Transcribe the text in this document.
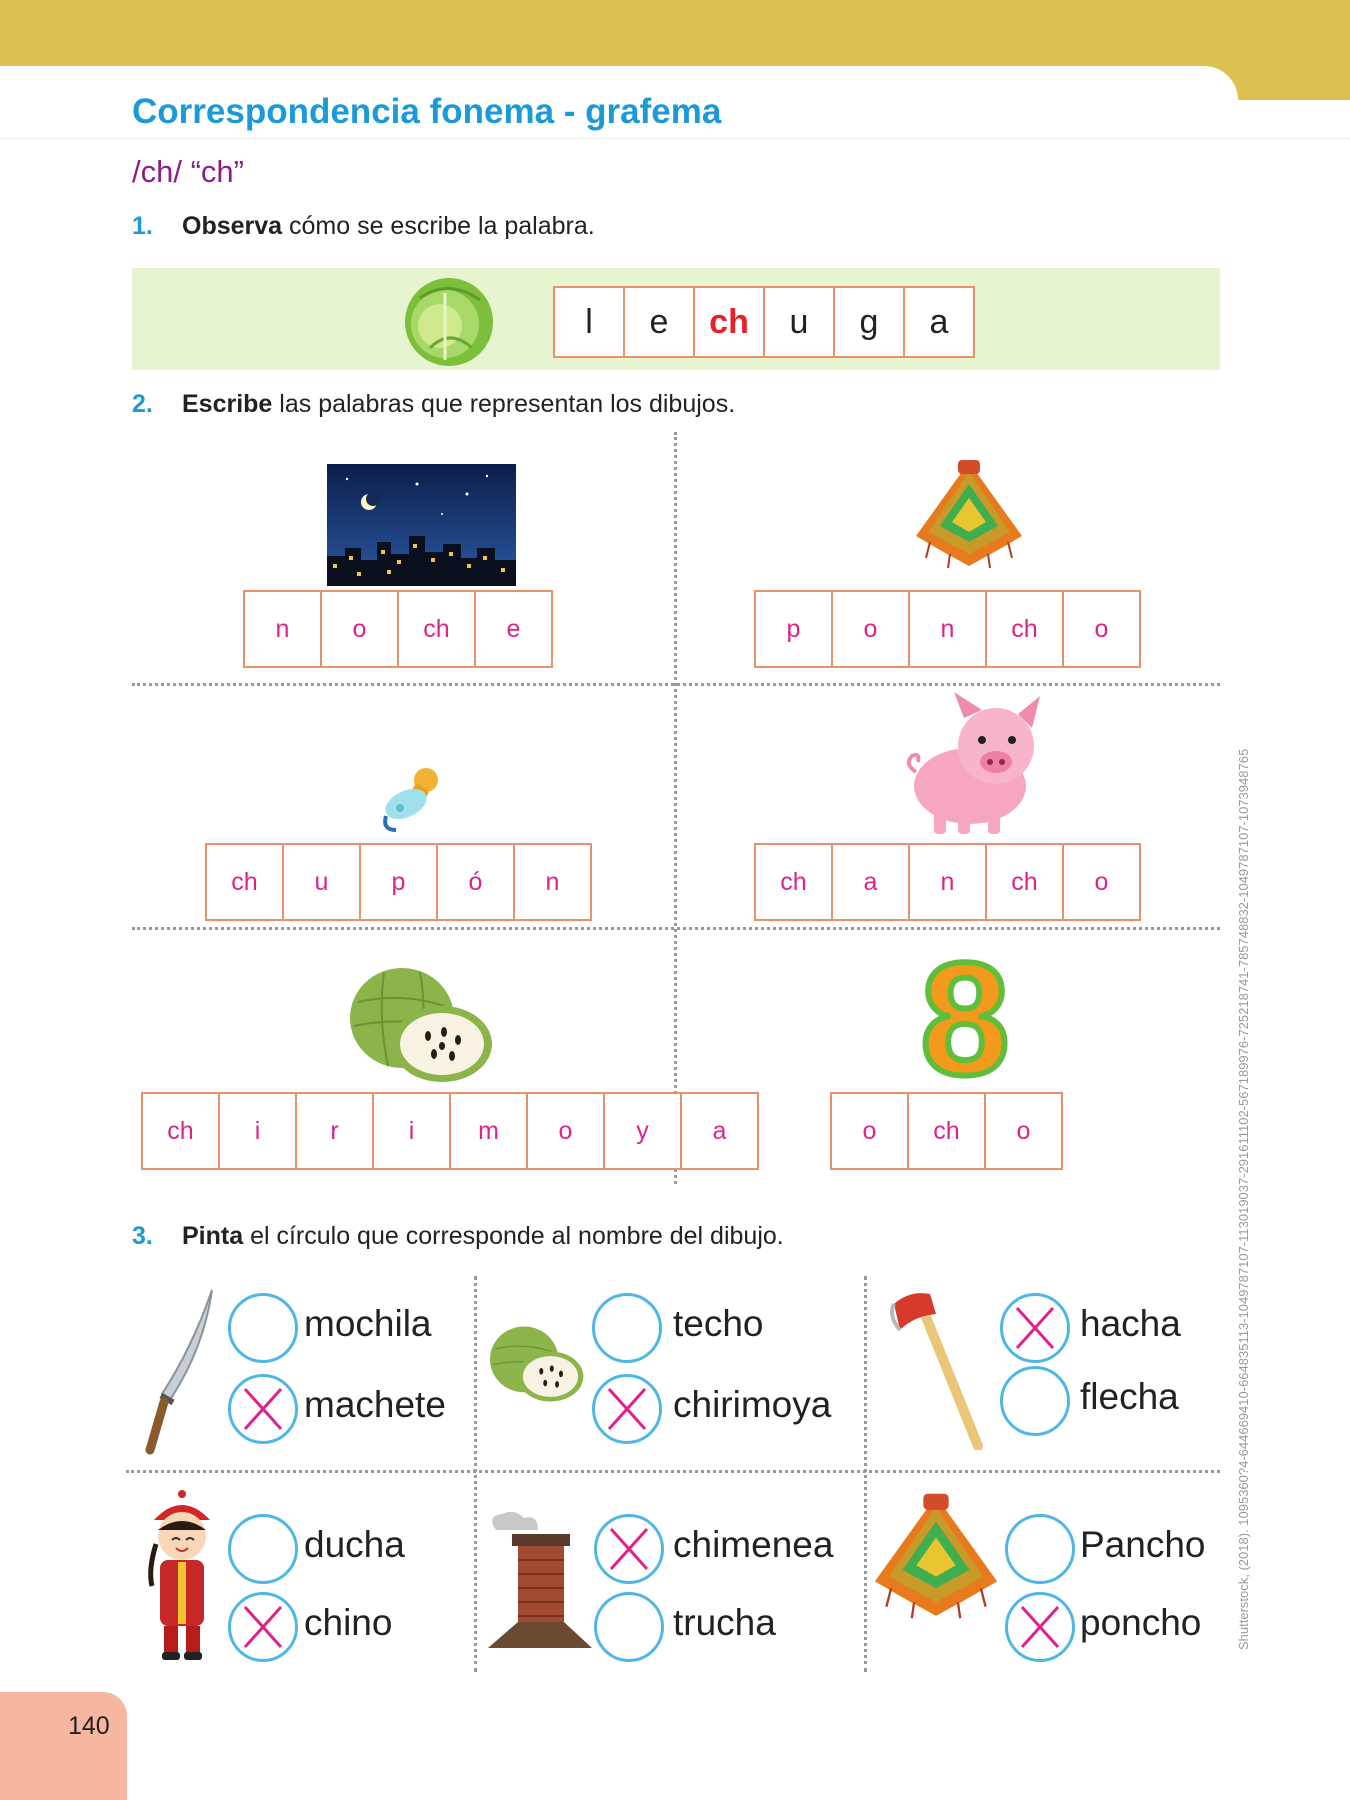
Correspondencia fonema - grafema
/ch/ “ch”
1. Observa cómo se escribe la palabra.
l	e	ch	u	g	a
2. Escribe las palabras que representan los dibujos.
n	o	ch	e	p	o	n	ch	o
ch	u	p	ó	n	ch	a	n	ch	o
ch	i	r	i	m	o	y	a
8
o	ch	o
3. Pinta el círculo que corresponde al nombre del dibujo.
mochila
machete
techo
chirimoya
hacha
flecha
ducha
chino
chimenea
trucha
Pancho
poncho
140
Shutterstock, (2018). 1095360?4-644669410-664835113-1049787107-113019037-291611102-567189976-725218741-785748832-1049787107-1073948765
